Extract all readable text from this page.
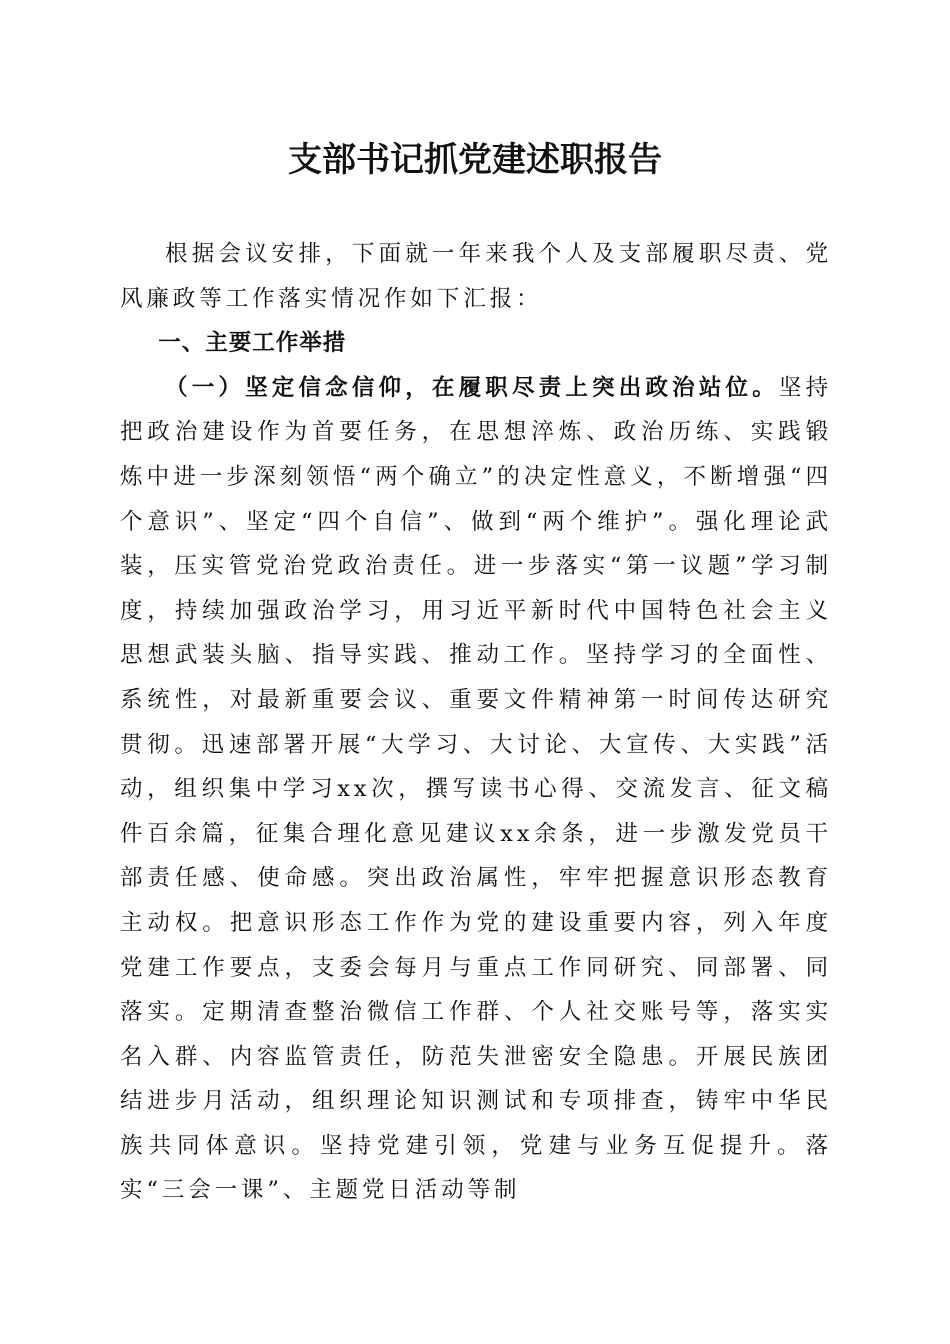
支部书记抓党建述职报告

根据会议安排，下面就一年来我个人及支部履职尽责、党风廉政等工作落实情况作如下汇报：

一、主要工作举措

（一）坚定信念信仰，在履职尽责上突出政治站位。坚持把政治建设作为首要任务，在思想淬炼、政治历练、实践锻炼中进一步深刻领悟“两个确立”的决定性意义，不断增强“四个意识”、坚定“四个自信”、做到“两个维护”。强化理论武装，压实管党治党政治责任。进一步落实“第一议题”学习制度，持续加强政治学习，用习近平新时代中国特色社会主义思想武装头脑、指导实践、推动工作。坚持学习的全面性、系统性，对最新重要会议、重要文件精神第一时间传达研究贯彻。迅速部署开展“大学习、大讨论、大宣传、大实践”活动，组织集中学习xx次，撰写读书心得、交流发言、征文稿件百余篇，征集合理化意见建议xx余条，进一步激发党员干部责任感、使命感。突出政治属性，牢牢把握意识形态教育主动权。把意识形态工作作为党的建设重要内容，列入年度党建工作要点，支委会每月与重点工作同研究、同部署、同落实。定期清查整治微信工作群、个人社交账号等，落实实名入群、内容监管责任，防范失泄密安全隐患。开展民族团结进步月活动，组织理论知识测试和专项排查，铸牢中华民族共同体意识。坚持党建引领，党建与业务互促提升。落实“三会一课”、主题党日活动等制
